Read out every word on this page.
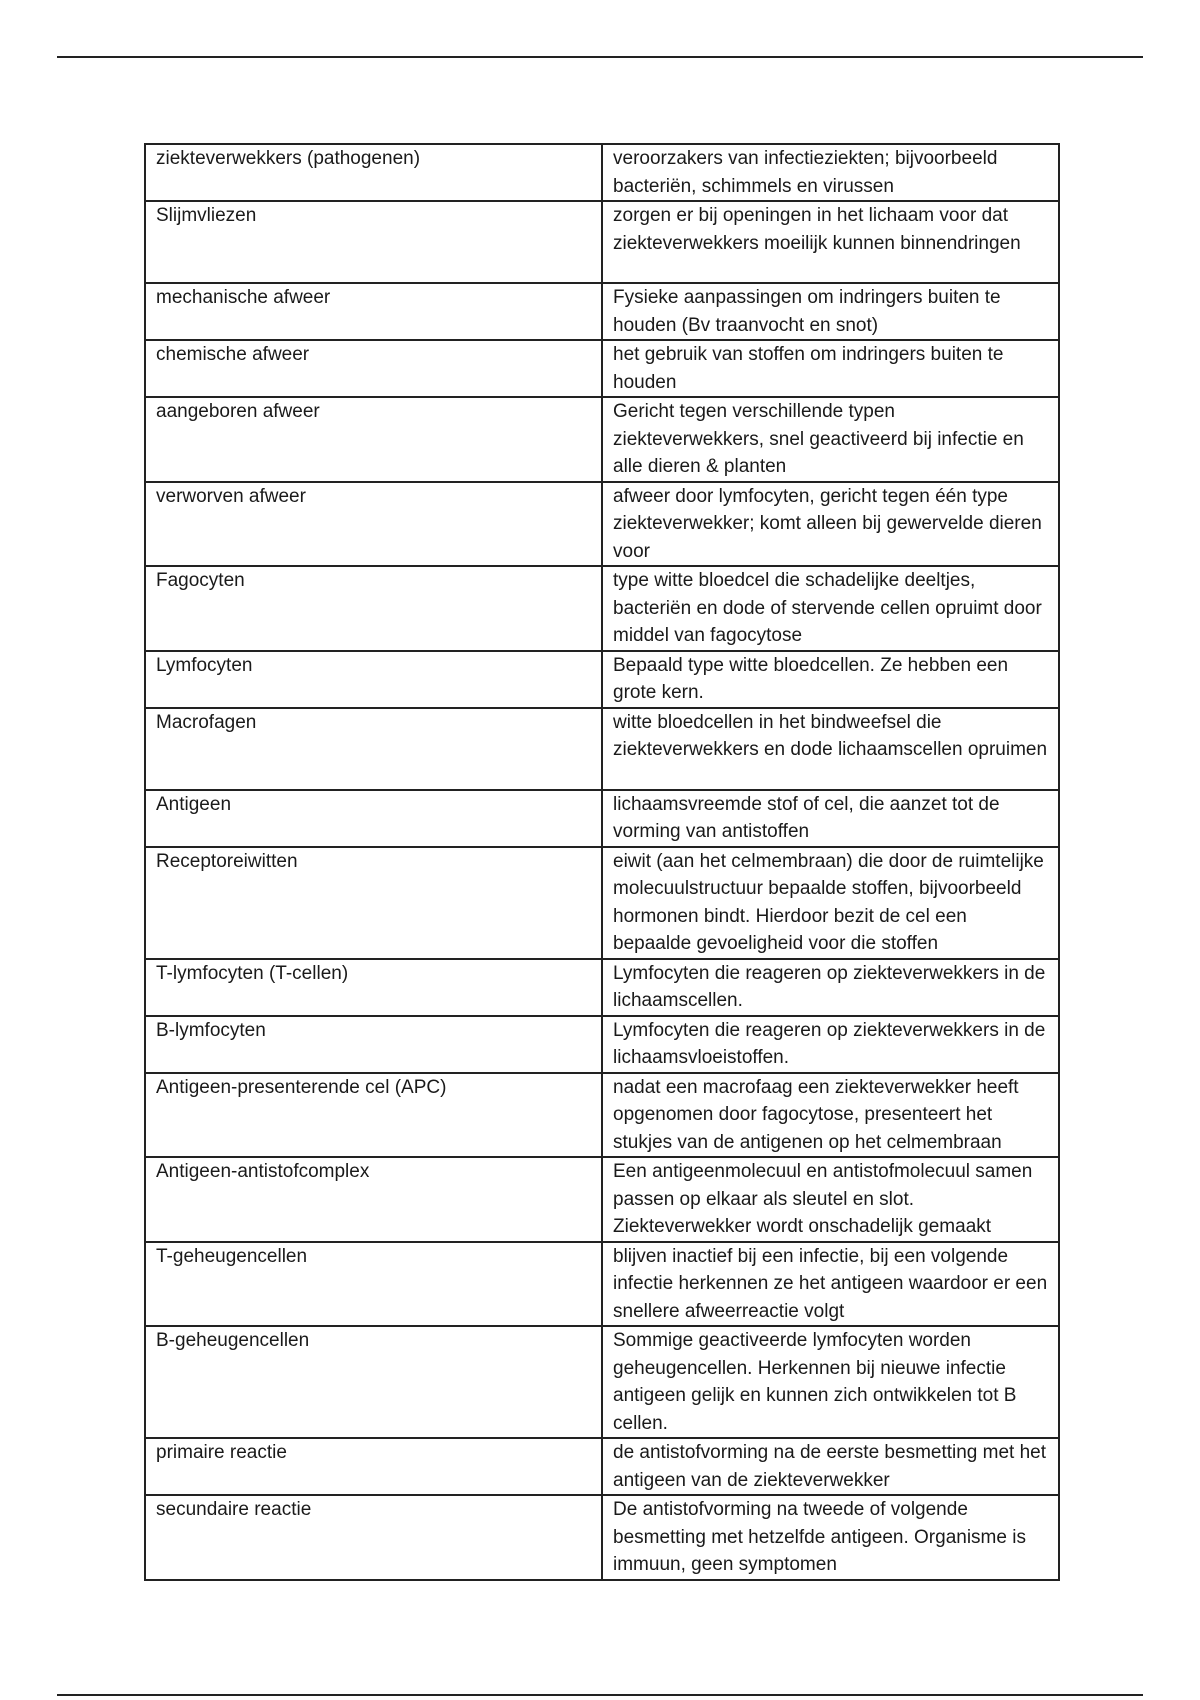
ziekteverwekkers (pathogenen)	veroorzakers van infectieziekten; bijvoorbeeld bacteriën, schimmels en virussen
Slijmvliezen	zorgen er bij openingen in het lichaam voor dat ziekteverwekkers moeilijk kunnen binnendringen
mechanische afweer	Fysieke aanpassingen om indringers buiten te houden (Bv traanvocht en snot)
chemische afweer	het gebruik van stoffen om indringers buiten te houden
aangeboren afweer	Gericht tegen verschillende typen ziekteverwekkers, snel geactiveerd bij infectie en alle dieren & planten
verworven afweer	afweer door lymfocyten, gericht tegen één type ziekteverwekker; komt alleen bij gewervelde dieren voor
Fagocyten	type witte bloedcel die schadelijke deeltjes, bacteriën en dode of stervende cellen opruimt door middel van fagocytose
Lymfocyten	Bepaald type witte bloedcellen. Ze hebben een grote kern.
Macrofagen	witte bloedcellen in het bindweefsel die ziekteverwekkers en dode lichaamscellen opruimen
Antigeen	lichaamsvreemde stof of cel, die aanzet tot de vorming van antistoffen
Receptoreiwitten	eiwit (aan het celmembraan) die door de ruimtelijke molecuulstructuur bepaalde stoffen, bijvoorbeeld hormonen bindt. Hierdoor bezit de cel een bepaalde gevoeligheid voor die stoffen
T-lymfocyten (T-cellen)	Lymfocyten die reageren op ziekteverwekkers in de lichaamscellen.
B-lymfocyten	Lymfocyten die reageren op ziekteverwekkers in de lichaamsvloeistoffen.
Antigeen-presenterende cel (APC)	nadat een macrofaag een ziekteverwekker heeft opgenomen door fagocytose, presenteert het stukjes van de antigenen op het celmembraan
Antigeen-antistofcomplex	Een antigeenmolecuul en antistofmolecuul samen passen op elkaar als sleutel en slot. Ziekteverwekker wordt onschadelijk gemaakt
T-geheugencellen	blijven inactief bij een infectie, bij een volgende infectie herkennen ze het antigeen waardoor er een snellere afweerreactie volgt
B-geheugencellen	Sommige geactiveerde lymfocyten worden geheugencellen. Herkennen bij nieuwe infectie antigeen gelijk en kunnen zich ontwikkelen tot B cellen.
primaire reactie	de antistofvorming na de eerste besmetting met het antigeen van de ziekteverwekker
secundaire reactie	De antistofvorming na tweede of volgende besmetting met hetzelfde antigeen. Organisme is immuun, geen symptomen
